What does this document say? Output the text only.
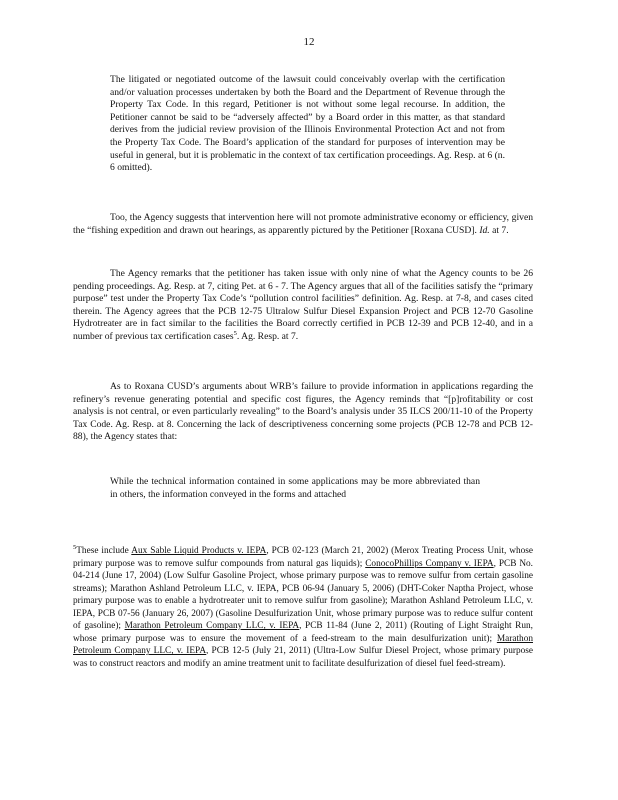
12

The litigated or negotiated outcome of the lawsuit could conceivably overlap with the certification and/or valuation processes undertaken by both the Board and the Department of Revenue through the Property Tax Code. In this regard, Petitioner is not without some legal recourse. In addition, the Petitioner cannot be said to be “adversely affected” by a Board order in this matter, as that standard derives from the judicial review provision of the Illinois Environmental Protection Act and not from the Property Tax Code. The Board’s application of the standard for purposes of intervention may be useful in general, but it is problematic in the context of tax certification proceedings. Ag. Resp. at 6 (n. 6 omitted).

Too, the Agency suggests that intervention here will not promote administrative economy or efficiency, given the “fishing expedition and drawn out hearings, as apparently pictured by the Petitioner [Roxana CUSD]. Id. at 7.
The Agency remarks that the petitioner has taken issue with only nine of what the Agency counts to be 26 pending proceedings. Ag. Resp. at 7, citing Pet. at 6 - 7. The Agency argues that all of the facilities satisfy the “primary purpose” test under the Property Tax Code’s “pollution control facilities” definition. Ag. Resp. at 7-8, and cases cited therein. The Agency agrees that the PCB 12-75 Ultralow Sulfur Diesel Expansion Project and PCB 12-70 Gasoline Hydrotreater are in fact similar to the facilities the Board correctly certified in PCB 12-39 and PCB 12-40, and in a number of previous tax certification cases$^5$. Ag. Resp. at 7.

As to Roxana CUSD’s arguments about WRB’s failure to provide information in applications regarding the refinery’s revenue generating potential and specific cost figures, the Agency reminds that “[p]rofitability or cost analysis is not central, or even particularly revealing” to the Board’s analysis under 35 ILCS 200/11-10 of the Property Tax Code. Ag. Resp. at 8. Concerning the lack of descriptiveness concerning some projects (PCB 12-78 and PCB 12-88), the Agency states that:

While the technical information contained in some applications may be more abbreviated than in others, the information conveyed in the forms and attached

$^5$These include Aux Sable Liquid Products v. IEPA, PCB 02-123 (March 21, 2002) (Merox Treating Process Unit, whose primary purpose was to remove sulfur compounds from natural gas liquids); ConocoPhillips Company v. IEPA, PCB No. 04-214 (June 17, 2004) (Low Sulfur Gasoline Project, whose primary purpose was to remove sulfur from certain gasoline streams); Marathon Ashland Petroleum LLC, v. IEPA, PCB 06-94 (January 5, 2006) (DHT-Coker Naptha Project, whose primary purpose was to enable a hydrotreater unit to remove sulfur from gasoline); Marathon Ashland Petroleum LLC, v. IEPA, PCB 07-56 (January 26, 2007) (Gasoline Desulfurization Unit, whose primary purpose was to reduce sulfur content of gasoline); Marathon Petroleum Company LLC, v. IEPA, PCB 11-84 (June 2, 2011) (Routing of Light Straight Run, whose primary purpose was to ensure the movement of a feed-stream to the main desulfurization unit); Marathon Petroleum Company LLC, v. IEPA, PCB 12-5 (July 21, 2011) (Ultra-Low Sulfur Diesel Project, whose primary purpose was to construct reactors and modify an amine treatment unit to facilitate desulfurization of diesel fuel feed-stream).
